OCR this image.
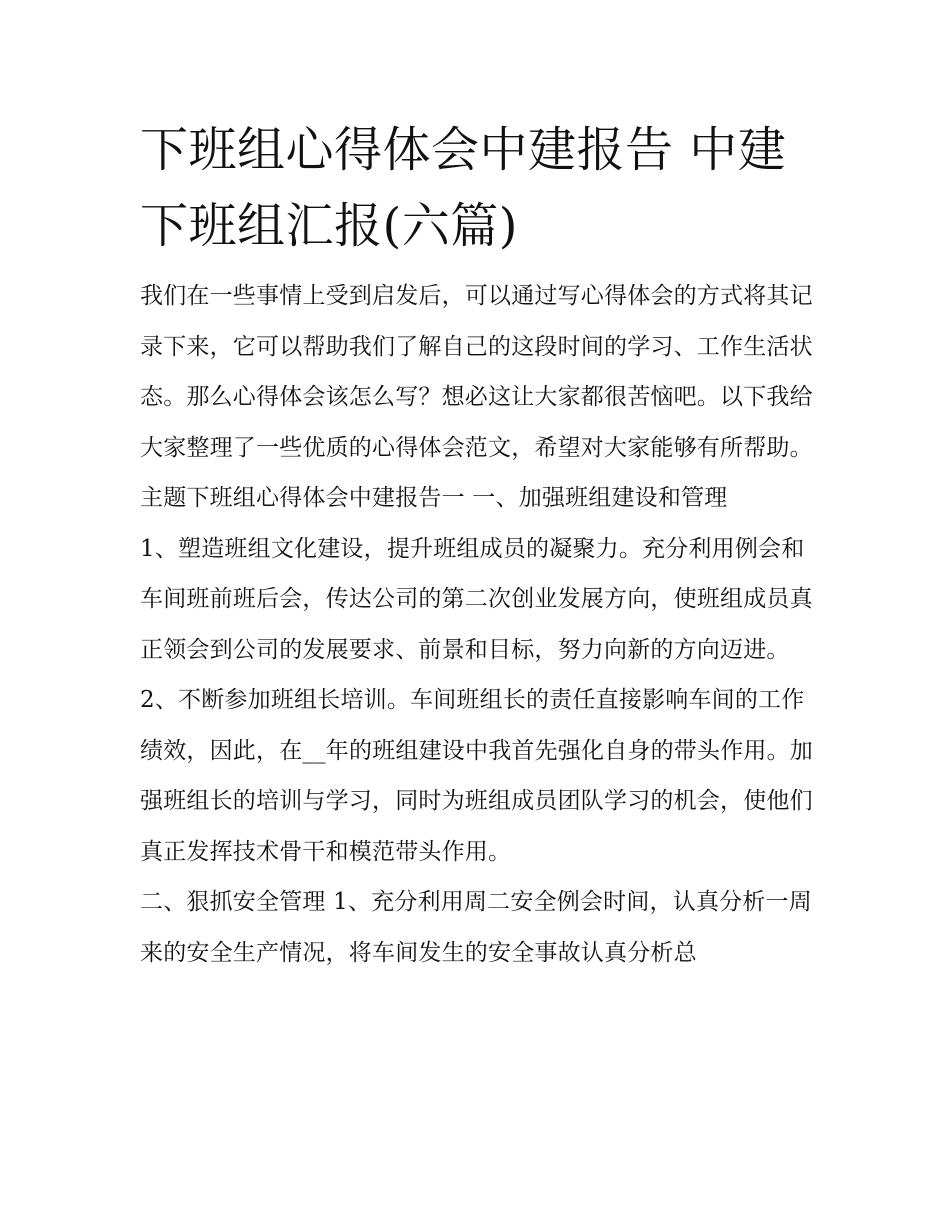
下班组心得体会中建报告 中建下班组汇报(六篇)

我们在一些事情上受到启发后，可以通过写心得体会的方式将其记录下来，它可以帮助我们了解自己的这段时间的学习、工作生活状态。那么心得体会该怎么写？想必这让大家都很苦恼吧。以下我给大家整理了一些优质的心得体会范文，希望对大家能够有所帮助。

主题下班组心得体会中建报告一 一、加强班组建设和管理

1、塑造班组文化建设，提升班组成员的凝聚力。充分利用例会和车间班前班后会，传达公司的第二次创业发展方向，使班组成员真正领会到公司的发展要求、前景和目标，努力向新的方向迈进。

2、不断参加班组长培训。车间班组长的责任直接影响车间的工作绩效，因此，在__年的班组建设中我首先强化自身的带头作用。加强班组长的培训与学习，同时为班组成员团队学习的机会，使他们真正发挥技术骨干和模范带头作用。

二、狠抓安全管理 1、充分利用周二安全例会时间，认真分析一周来的安全生产情况，将车间发生的安全事故认真分析总
